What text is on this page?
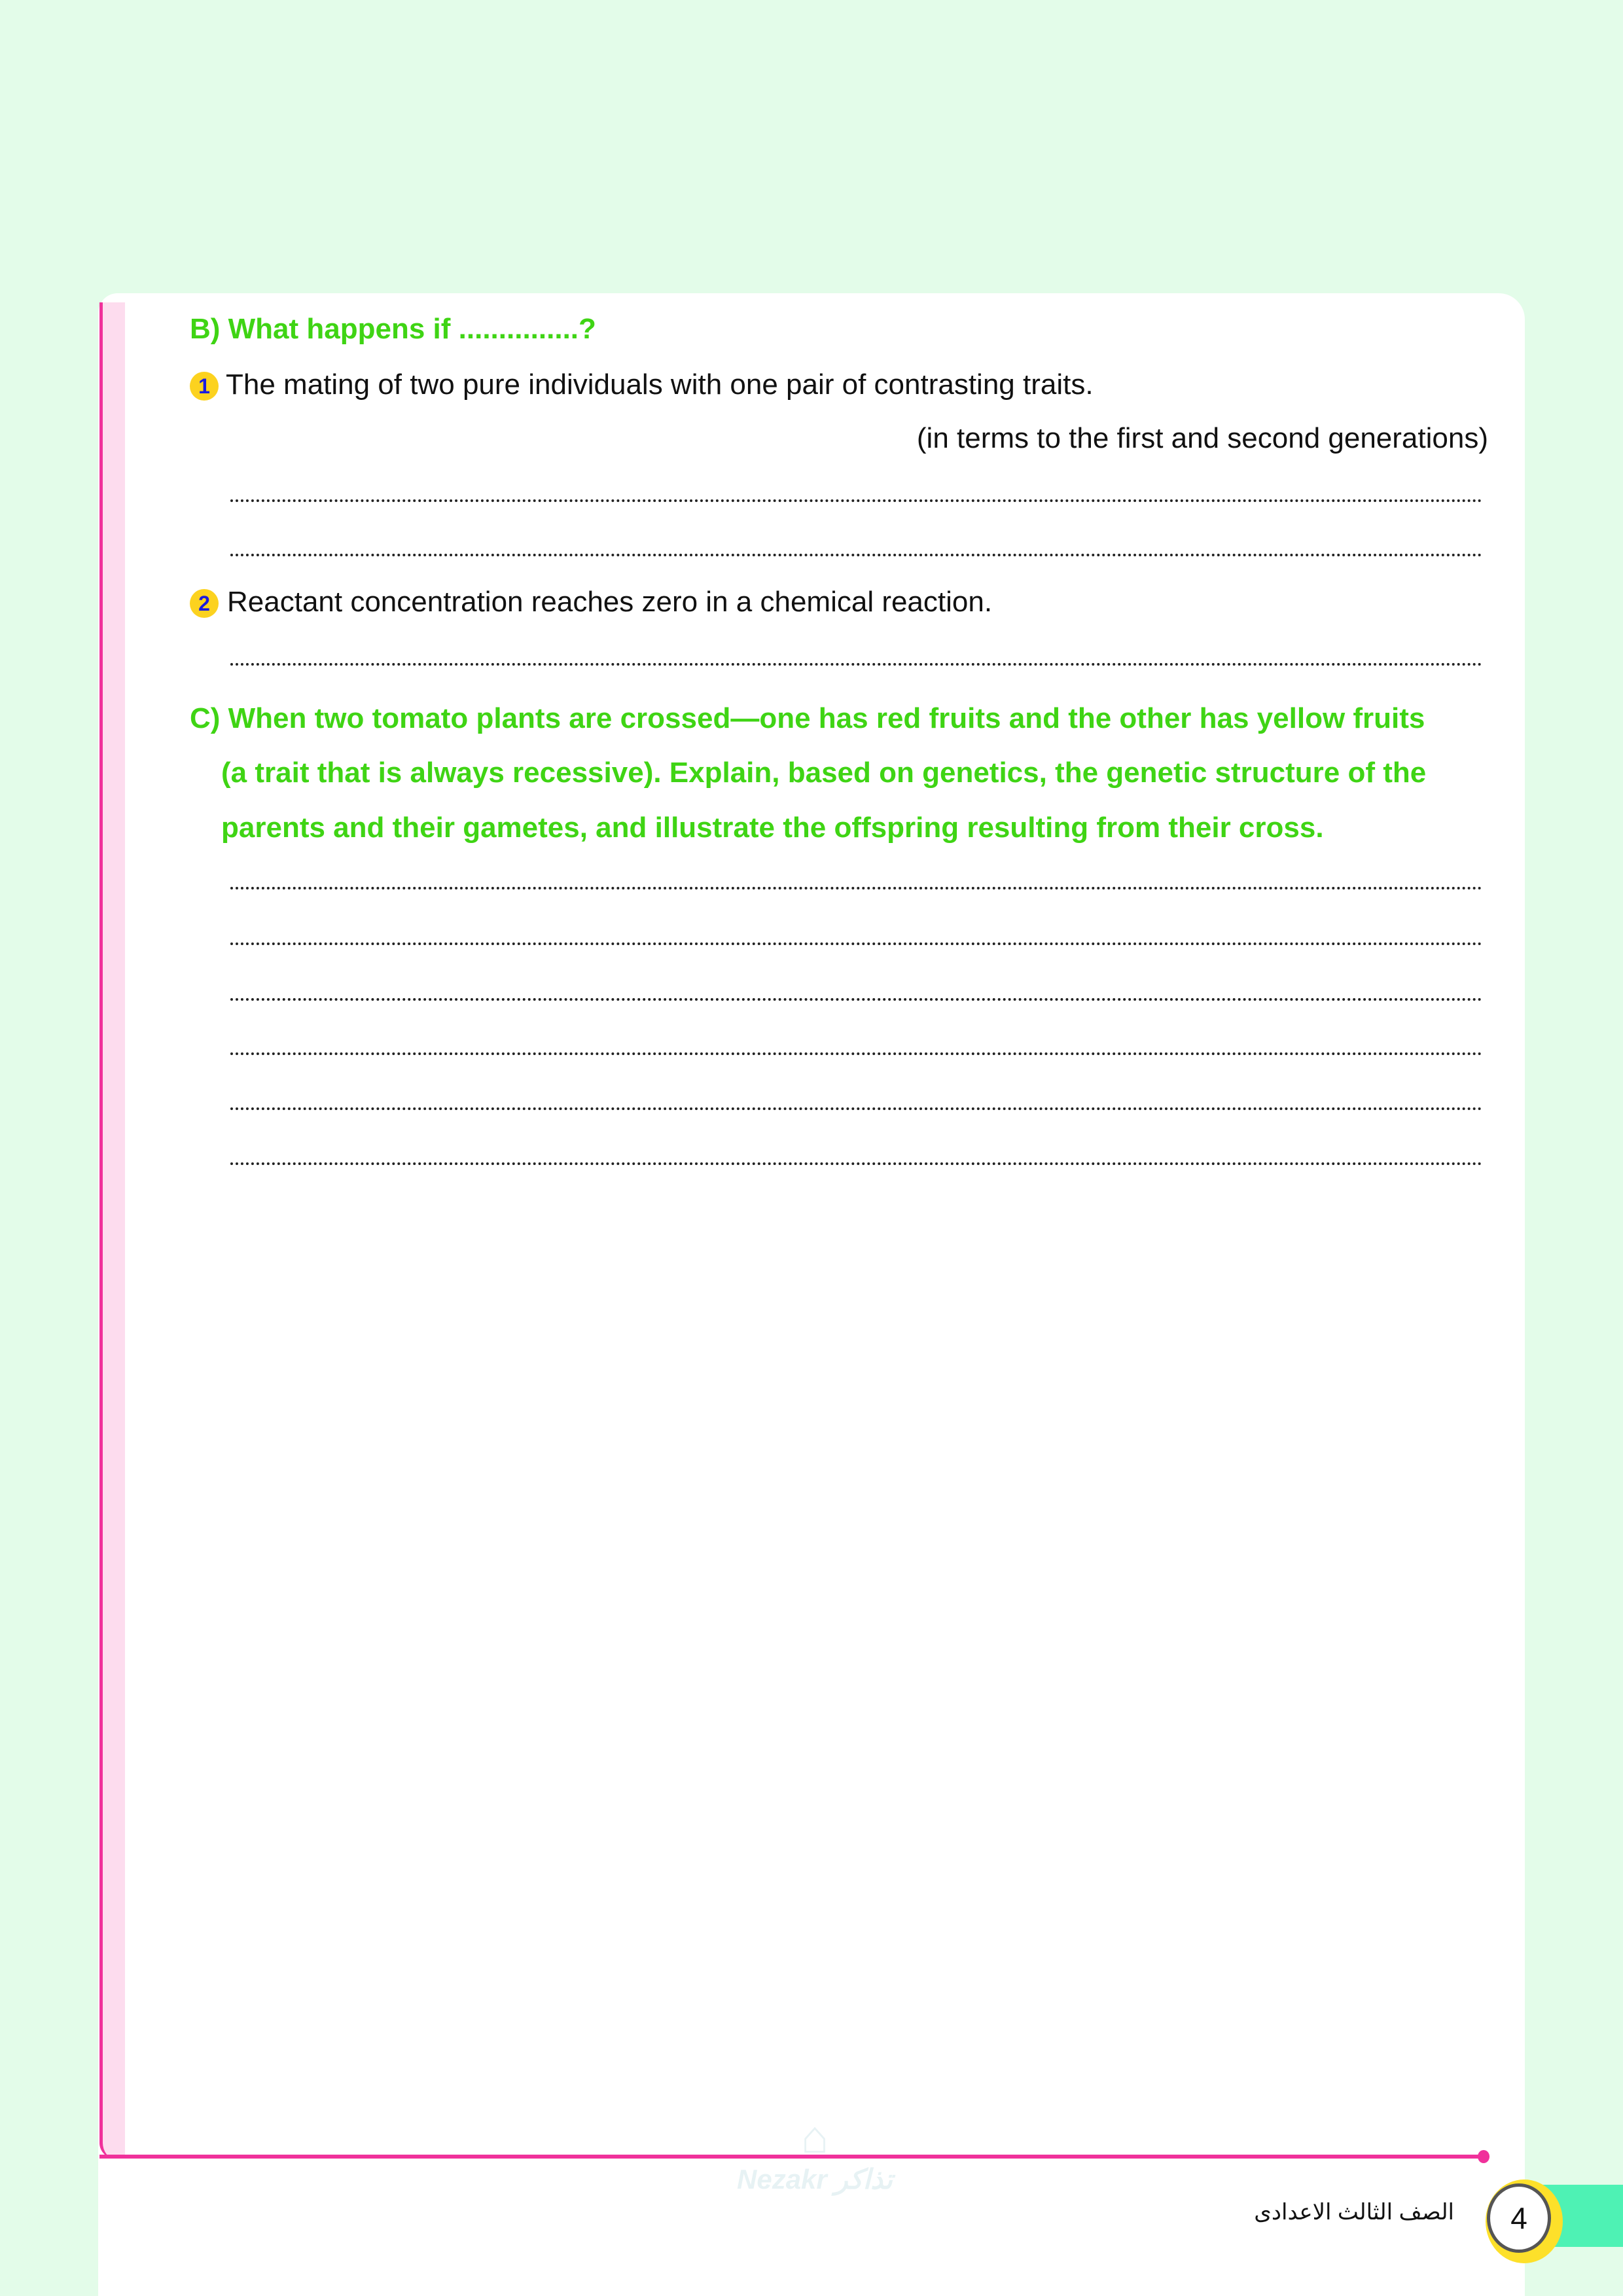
B) What happens if ...............?
1 The mating of two pure individuals with one pair of contrasting traits.
(in terms to the first and second generations)
2 Reactant concentration reaches zero in a chemical reaction.
C) When two tomato plants are crossed—one has red fruits and the other has yellow fruits
(a trait that is always recessive). Explain, based on genetics, the genetic structure of the
parents and their gametes, and illustrate the offspring resulting from their cross.
⌂
Nezakr تذاكر
4
الصف الثالث الاعدادى
